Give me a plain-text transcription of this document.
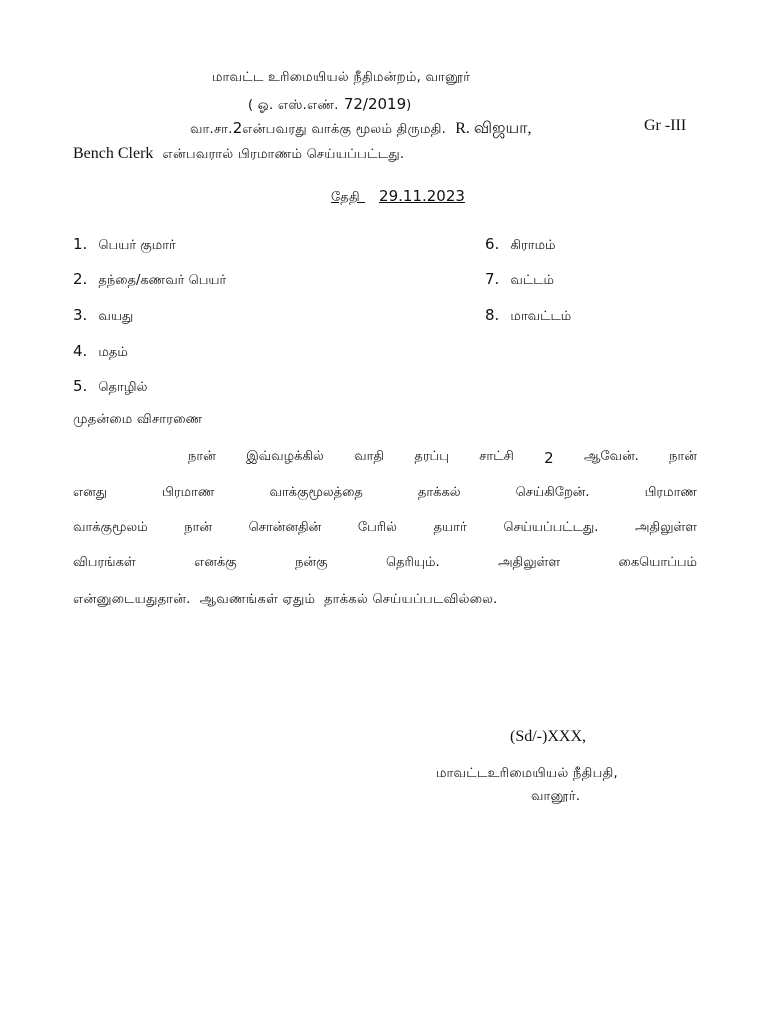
மாவட்ட உரிமையியல் நீதிமன்றம், வானூர்
( ஓ. எஸ்.எண். 72/2019)
வா.சா.2என்பவரது வாக்கு மூலம் திருமதி. R. விஜயா,	Gr -III
Bench Clerk என்பவரால் பிரமாணம் செய்யப்பட்டது.
தேதி 29.11.2023
1. பெயர் குமார்
2. தந்தை/கணவர் பெயர்
3. வயது
4. மதம்
5. தொழில்
6. கிராமம்
7. வட்டம்
8. மாவட்டம்
முதன்மை விசாரணை
நான் இவ்வழக்கில் வாதி தரப்பு சாட்சி 2 ஆவேன். நான்
எனது	பிரமாண	வாக்குமூலத்தை	தாக்கல்	செய்கிறேன்.	பிரமாண
வாக்குமூலம்	நான்	சொன்னதின்	பேரில்	தயார்	செய்யப்பட்டது.	அதிலுள்ள
விபரங்கள்	எனக்கு	நன்கு	தெரியும்.	அதிலுள்ள	கையொப்பம்
என்னுடையதுதான்.  ஆவணங்கள் ஏதும்  தாக்கல் செய்யப்படவில்லை.
(Sd/-)XXX,
மாவட்டஉரிமையியல் நீதிபதி,
வானூர்.
